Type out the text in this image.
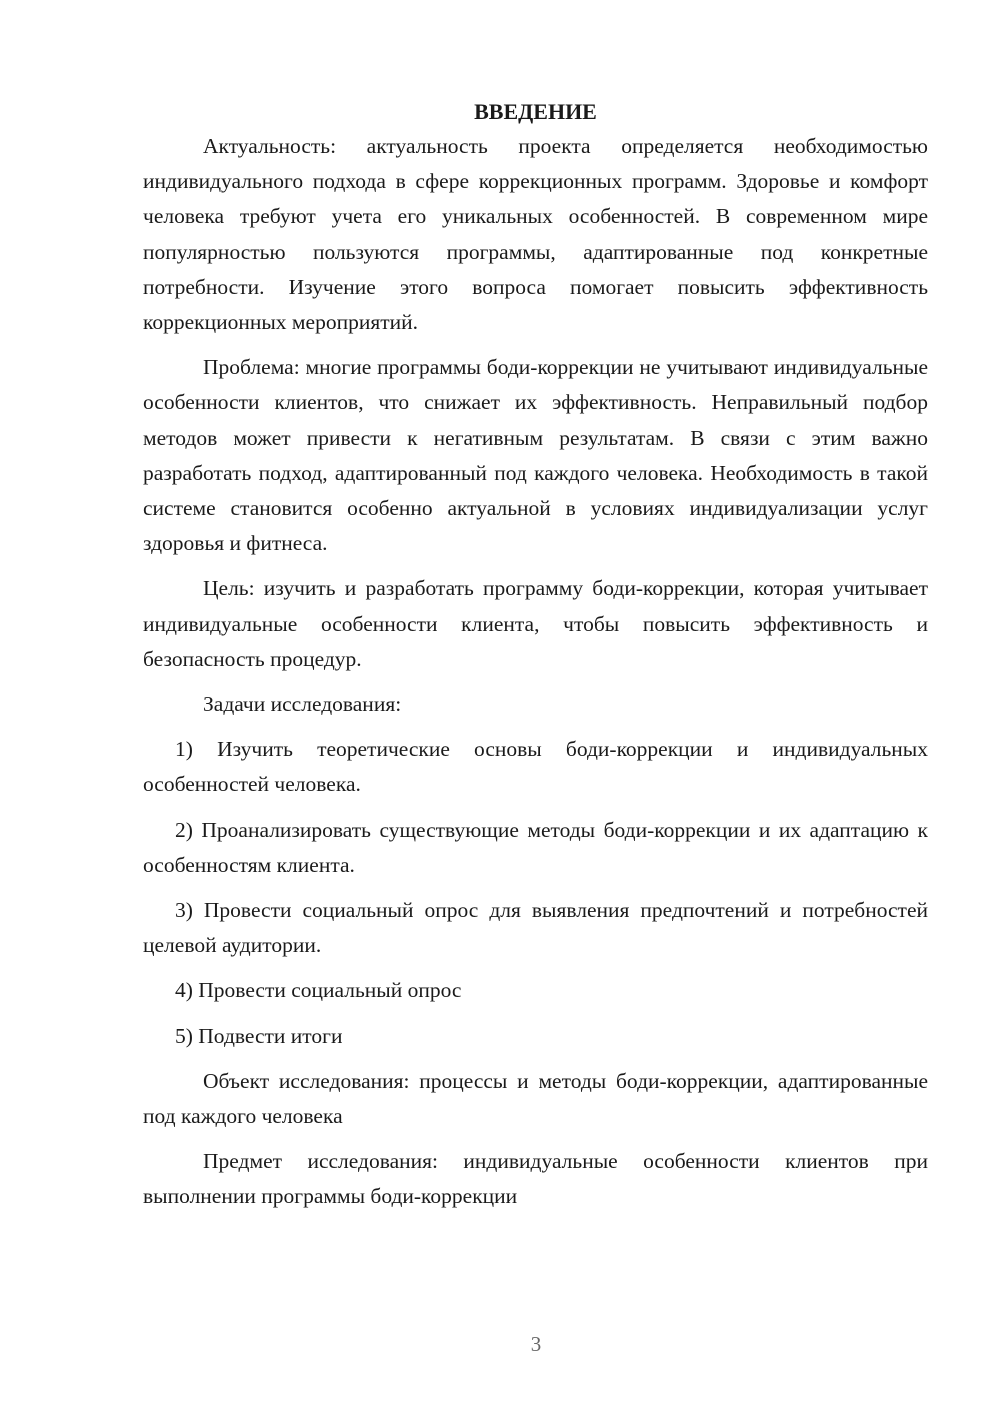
ВВЕДЕНИЕ

Актуальность: актуальность проекта определяется необходимостью индивидуального подхода в сфере коррекционных программ. Здоровье и комфорт человека требуют учета его уникальных особенностей. В современном мире популярностью пользуются программы, адаптированные под конкретные потребности. Изучение этого вопроса помогает повысить эффективность коррекционных мероприятий.

Проблема: многие программы боди-коррекции не учитывают индивидуальные особенности клиентов, что снижает их эффективность. Неправильный подбор методов может привести к негативным результатам. В связи с этим важно разработать подход, адаптированный под каждого человека. Необходимость в такой системе становится особенно актуальной в условиях индивидуализации услуг здоровья и фитнеса.

Цель: изучить и разработать программу боди-коррекции, которая учитывает индивидуальные особенности клиента, чтобы повысить эффективность и безопасность процедур.

Задачи исследования:

1) Изучить теоретические основы боди-коррекции и индивидуальных особенностей человека.

2) Проанализировать существующие методы боди-коррекции и их адаптацию к особенностям клиента.

3) Провести социальный опрос для выявления предпочтений и потребностей целевой аудитории.

4) Провести социальный опрос

5) Подвести итоги

Объект исследования: процессы и методы боди-коррекции, адаптированные под каждого человека

Предмет исследования: индивидуальные особенности клиентов при выполнении программы боди-коррекции

3
